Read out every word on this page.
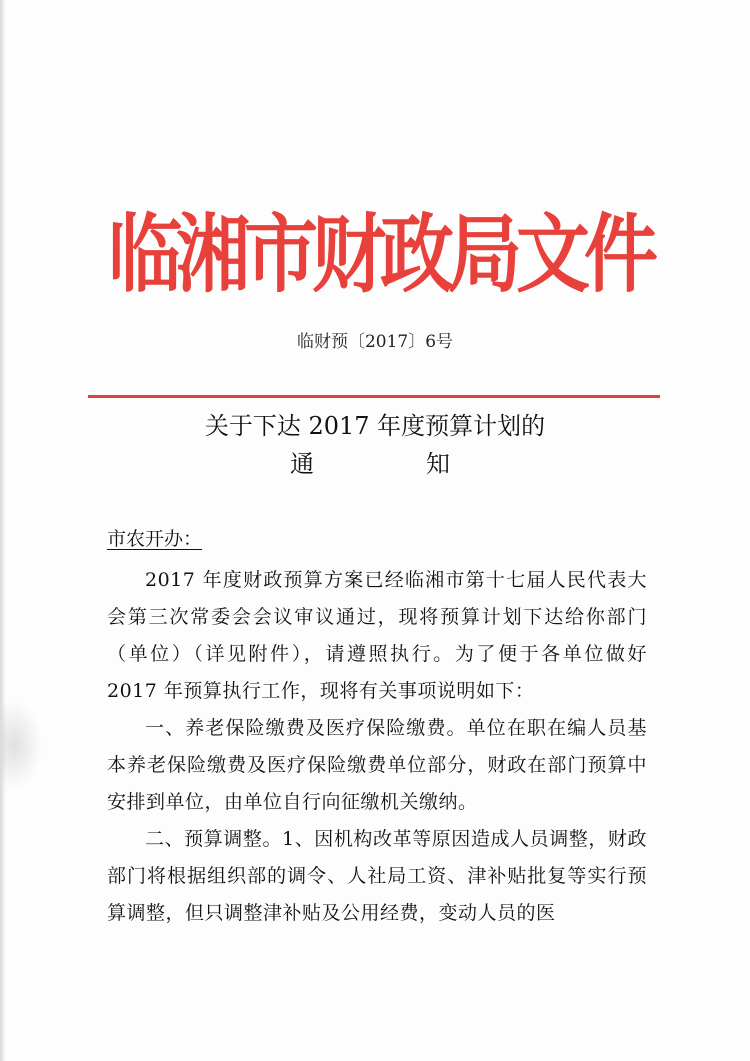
临湘市财政局文件
临财预〔2017〕6号
关于下达 2017 年度预算计划的
通	知
市农开办：

2017 年度财政预算方案已经临湘市第十七届人民代表大会第三次常委会会议审议通过，现将预算计划下达给你部门（单位）（详见附件），请遵照执行。为了便于各单位做好 2017 年预算执行工作，现将有关事项说明如下：

一、养老保险缴费及医疗保险缴费。单位在职在编人员基本养老保险缴费及医疗保险缴费单位部分，财政在部门预算中安排到单位，由单位自行向征缴机关缴纳。

二、预算调整。1、因机构改革等原因造成人员调整，财政部门将根据组织部的调令、人社局工资、津补贴批复等实行预算调整，但只调整津补贴及公用经费，变动人员的医
